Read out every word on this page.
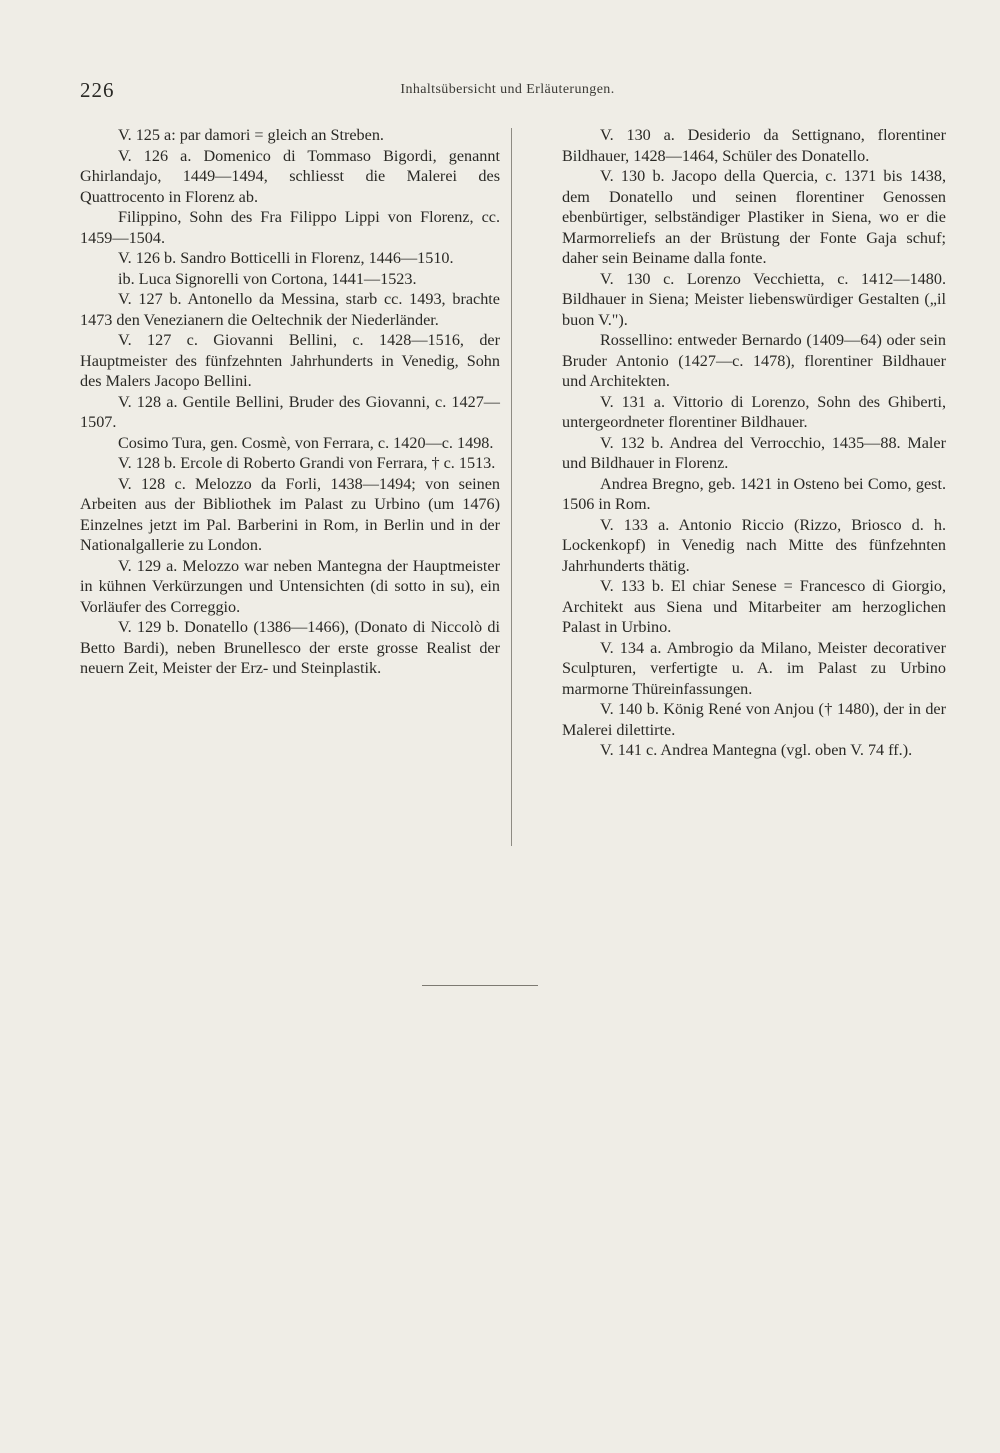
226	Inhaltsübersicht und Erläuterungen.

V. 125 a: par damori = gleich an Streben.

V. 126 a. Domenico di Tommaso Bigordi, genannt Ghirlandajo, 1449—1494, schliesst die Malerei des Quattrocento in Florenz ab.

Filippino, Sohn des Fra Filippo Lippi von Florenz, cc. 1459—1504.

V. 126 b. Sandro Botticelli in Florenz, 1446—1510.

ib. Luca Signorelli von Cortona, 1441—1523.

V. 127 b. Antonello da Messina, starb cc. 1493, brachte 1473 den Venezianern die Oeltechnik der Niederländer.

V. 127 c. Giovanni Bellini, c. 1428—1516, der Hauptmeister des fünfzehnten Jahrhunderts in Venedig, Sohn des Malers Jacopo Bellini.

V. 128 a. Gentile Bellini, Bruder des Giovanni, c. 1427—1507.

Cosimo Tura, gen. Cosmè, von Ferrara, c. 1420—c. 1498.

V. 128 b. Ercole di Roberto Grandi von Ferrara, † c. 1513.

V. 128 c. Melozzo da Forli, 1438—1494; von seinen Arbeiten aus der Bibliothek im Palast zu Urbino (um 1476) Einzelnes jetzt im Pal. Barberini in Rom, in Berlin und in der Nationalgallerie zu London.

V. 129 a. Melozzo war neben Mantegna der Hauptmeister in kühnen Verkürzungen und Untensichten (di sotto in su), ein Vorläufer des Correggio.

V. 129 b. Donatello (1386—1466), (Donato di Niccolò di Betto Bardi), neben Brunellesco der erste grosse Realist der neuern Zeit, Meister der Erz- und Steinplastik.

V. 130 a. Desiderio da Settignano, florentiner Bildhauer, 1428—1464, Schüler des Donatello.

V. 130 b. Jacopo della Quercia, c. 1371 bis 1438, dem Donatello und seinen florentiner Genossen ebenbürtiger, selbständiger Plastiker in Siena, wo er die Marmorreliefs an der Brüstung der Fonte Gaja schuf; daher sein Beiname dalla fonte.

V. 130 c. Lorenzo Vecchietta, c. 1412—1480. Bildhauer in Siena; Meister liebenswürdiger Gestalten („il buon V.").

Rossellino: entweder Bernardo (1409—64) oder sein Bruder Antonio (1427—c. 1478), florentiner Bildhauer und Architekten.

V. 131 a. Vittorio di Lorenzo, Sohn des Ghiberti, untergeordneter florentiner Bildhauer.

V. 132 b. Andrea del Verrocchio, 1435—88. Maler und Bildhauer in Florenz.

Andrea Bregno, geb. 1421 in Osteno bei Como, gest. 1506 in Rom.

V. 133 a. Antonio Riccio (Rizzo, Briosco d. h. Lockenkopf) in Venedig nach Mitte des fünfzehnten Jahrhunderts thätig.

V. 133 b. El chiar Senese = Francesco di Giorgio, Architekt aus Siena und Mitarbeiter am herzoglichen Palast in Urbino.

V. 134 a. Ambrogio da Milano, Meister decorativer Sculpturen, verfertigte u. A. im Palast zu Urbino marmorne Thüreinfassungen.

V. 140 b. König René von Anjou († 1480), der in der Malerei dilettirte.

V. 141 c. Andrea Mantegna (vgl. oben V. 74 ff.).
